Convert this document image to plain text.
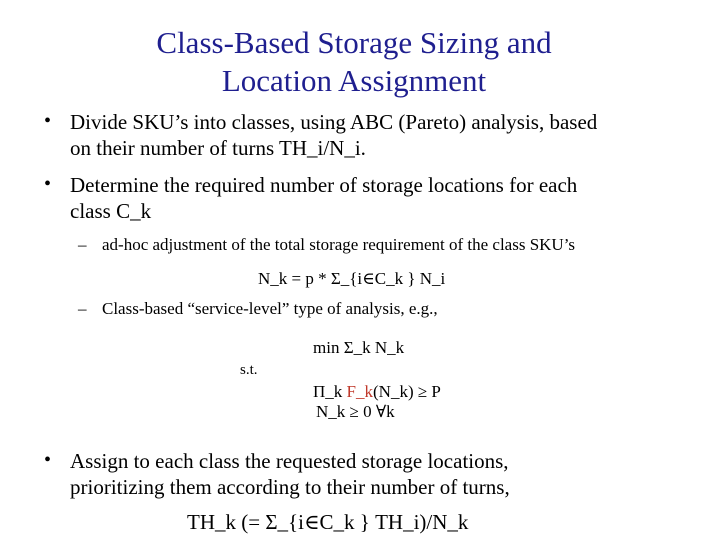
Class-Based Storage Sizing and
Location Assignment
• Divide SKU’s into classes, using ABC (Pareto) analysis, based
on their number of turns TH_i/N_i.
• Determine the required number of storage locations for each
class C_k
– ad-hoc adjustment of the total storage requirement of the class SKU’s
N_k = p * Σ_{i∈C_k } N_i
– Class-based “service-level” type of analysis, e.g.,
min Σ_k N_k
s.t.
Π_k F_k(N_k) ≥ P
N_k ≥ 0 ∀k
• Assign to each class the requested storage locations,
prioritizing them according to their number of turns,
TH_k (= Σ_{i∈C_k } TH_i)/N_k
